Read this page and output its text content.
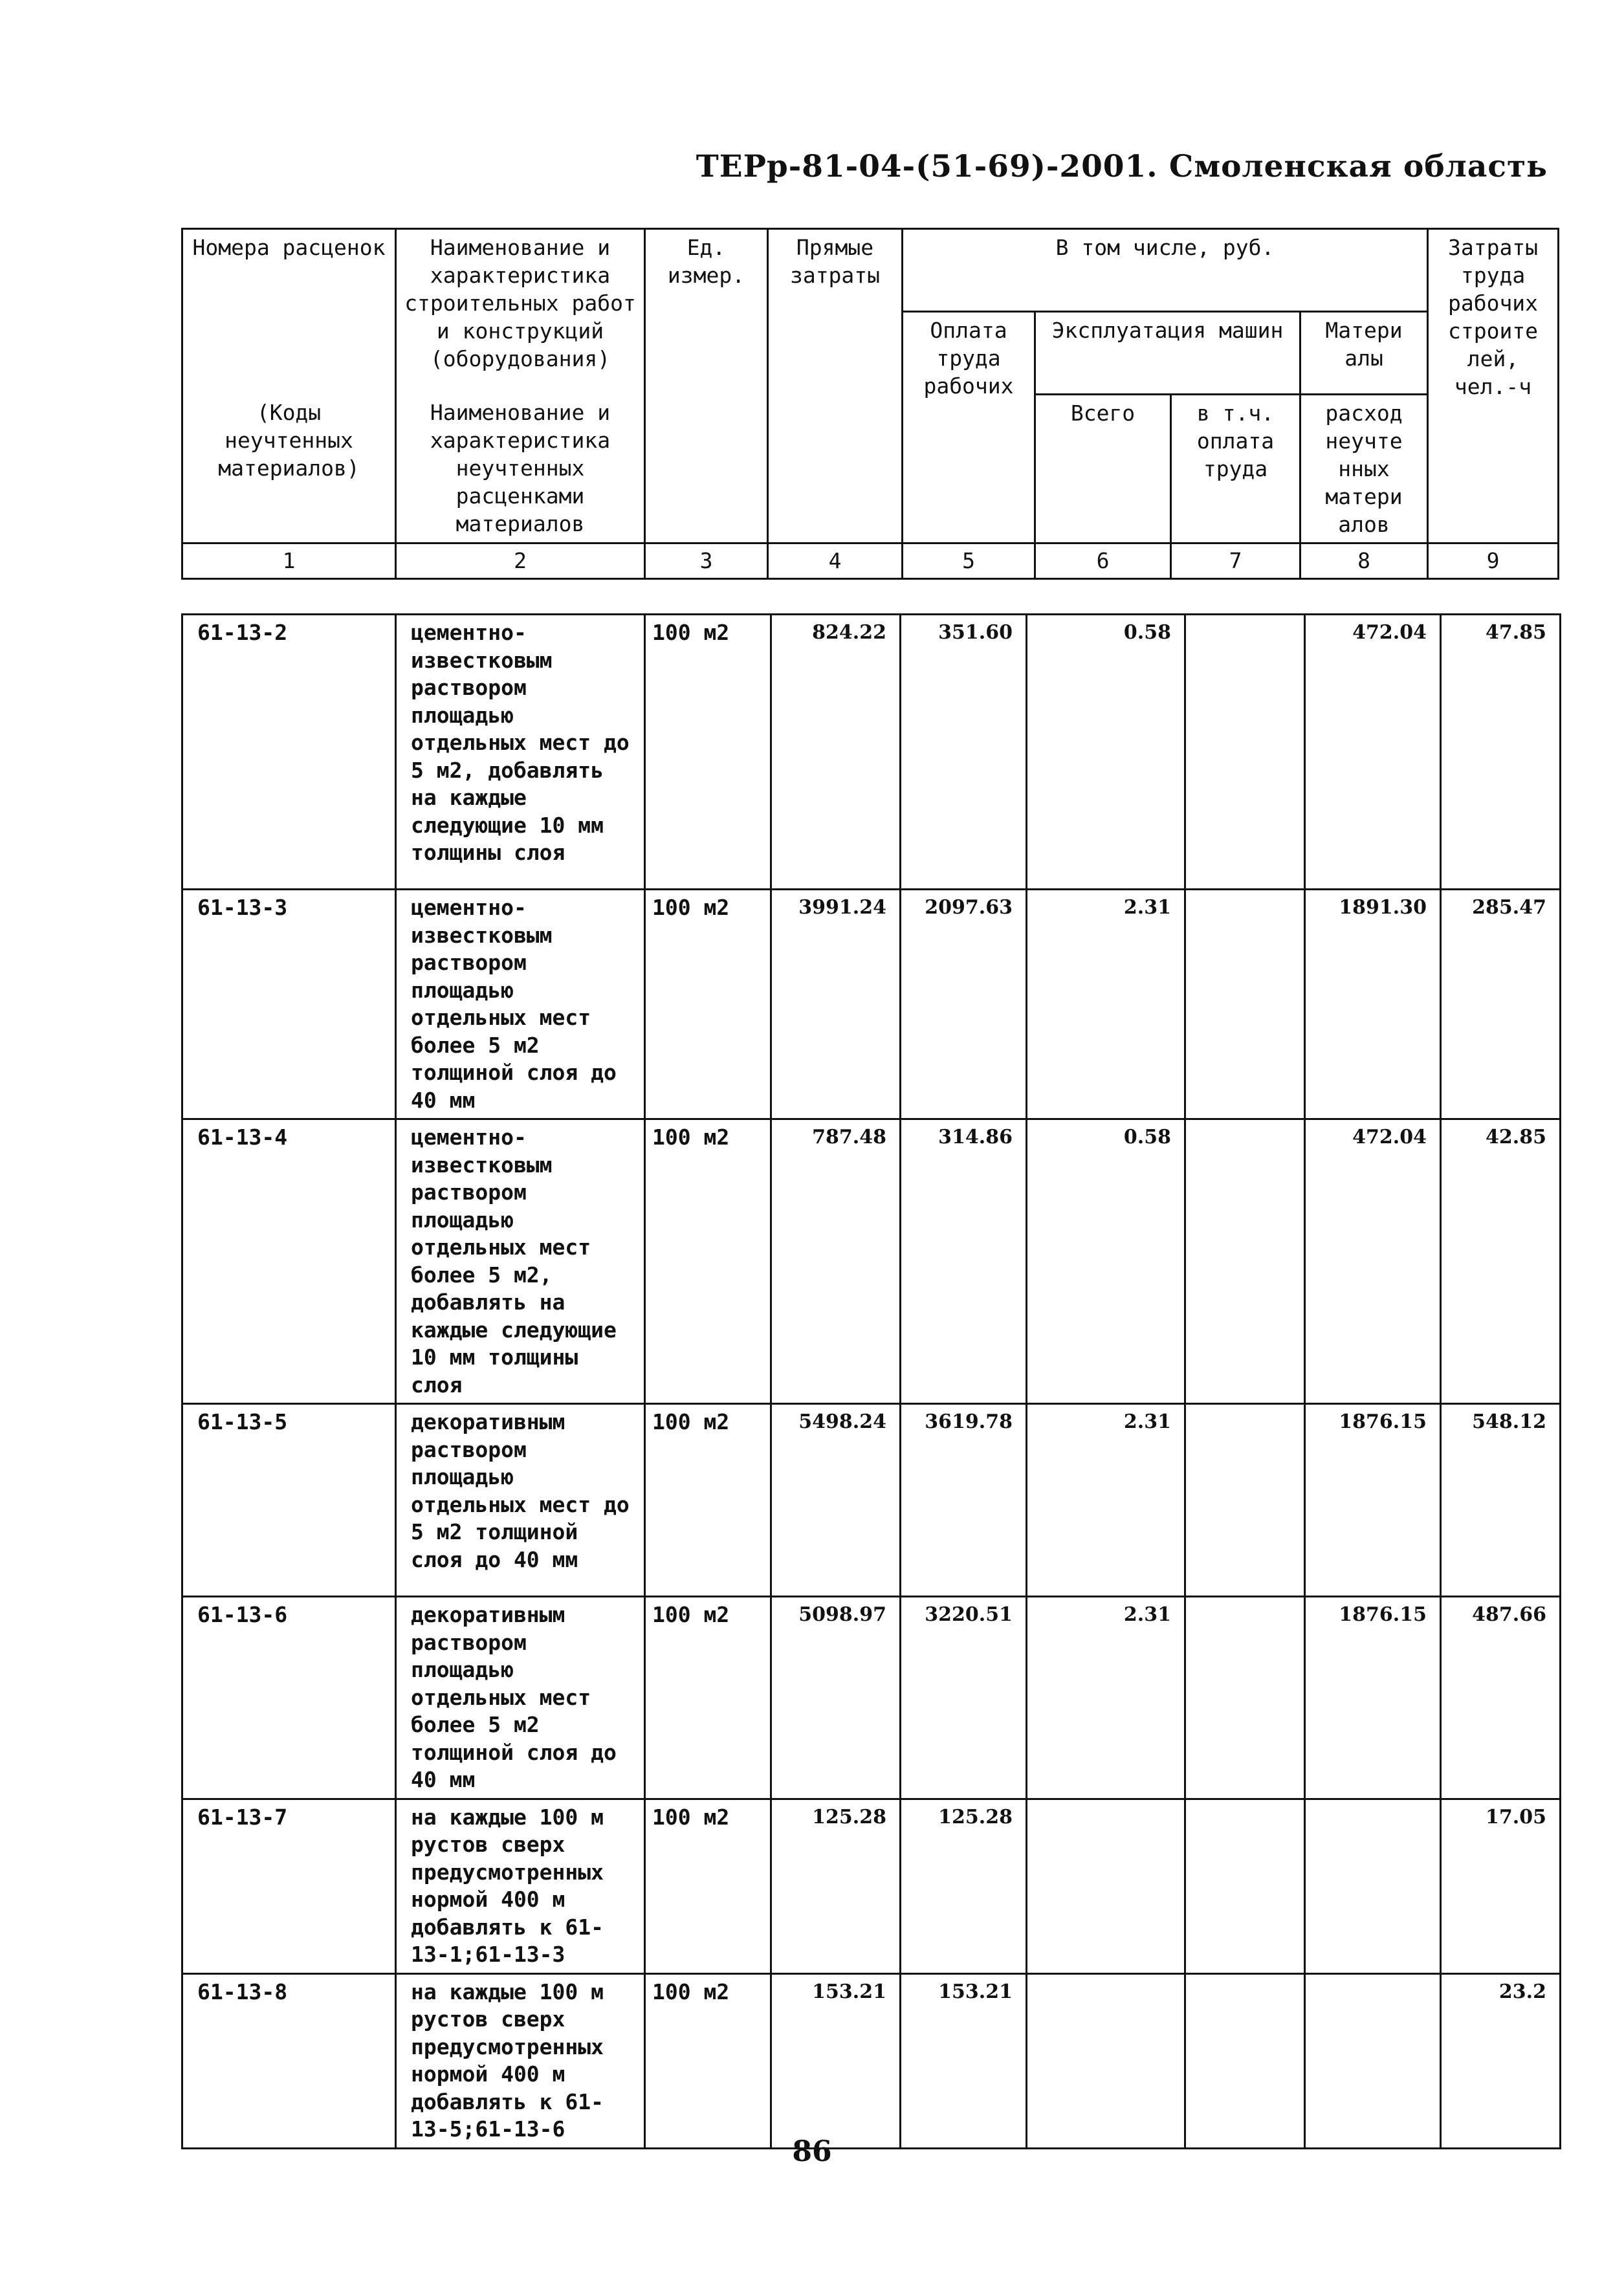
ТЕРр-81-04-(51-69)-2001. Смоленская область
Номера расценок	Наименование и характеристика строительных работ и конструкций (оборудования)	Ед. измер.	Прямые затраты	В том числе, руб.				Затраты труда рабочих строите лей, чел.-ч
				Оплата труда рабочих	Эксплуатация машин		Матери алы	
(Коды неучтенных материалов)	Наименование и характеристика неучтенных расценками материалов				Всего	в т.ч. оплата труда	расход неучте нных матери алов	
1	2	3	4	5	6	7	8	9
61-13-2	цементно-известковым раствором площадью отдельных мест до 5 м2, добавлять на каждые следующие 10 мм толщины слоя	100 м2	824.22	351.60	0.58		472.04	47.85
61-13-3	цементно-известковым раствором площадью отдельных мест более 5 м2 толщиной слоя до 40 мм	100 м2	3991.24	2097.63	2.31		1891.30	285.47
61-13-4	цементно-известковым раствором площадью отдельных мест более 5 м2, добавлять на каждые следующие 10 мм толщины слоя	100 м2	787.48	314.86	0.58		472.04	42.85
61-13-5	декоративным раствором площадью отдельных мест до 5 м2 толщиной слоя до 40 мм	100 м2	5498.24	3619.78	2.31		1876.15	548.12
61-13-6	декоративным раствором площадью отдельных мест более 5 м2 толщиной слоя до 40 мм	100 м2	5098.97	3220.51	2.31		1876.15	487.66
61-13-7	на каждые 100 м рустов сверх предусмотренных нормой 400 м добавлять к 61-13-1;61-13-3	100 м2	125.28	125.28				17.05
61-13-8	на каждые 100 м рустов сверх предусмотренных нормой 400 м добавлять к 61-13-5;61-13-6	100 м2	153.21	153.21				23.2
86
